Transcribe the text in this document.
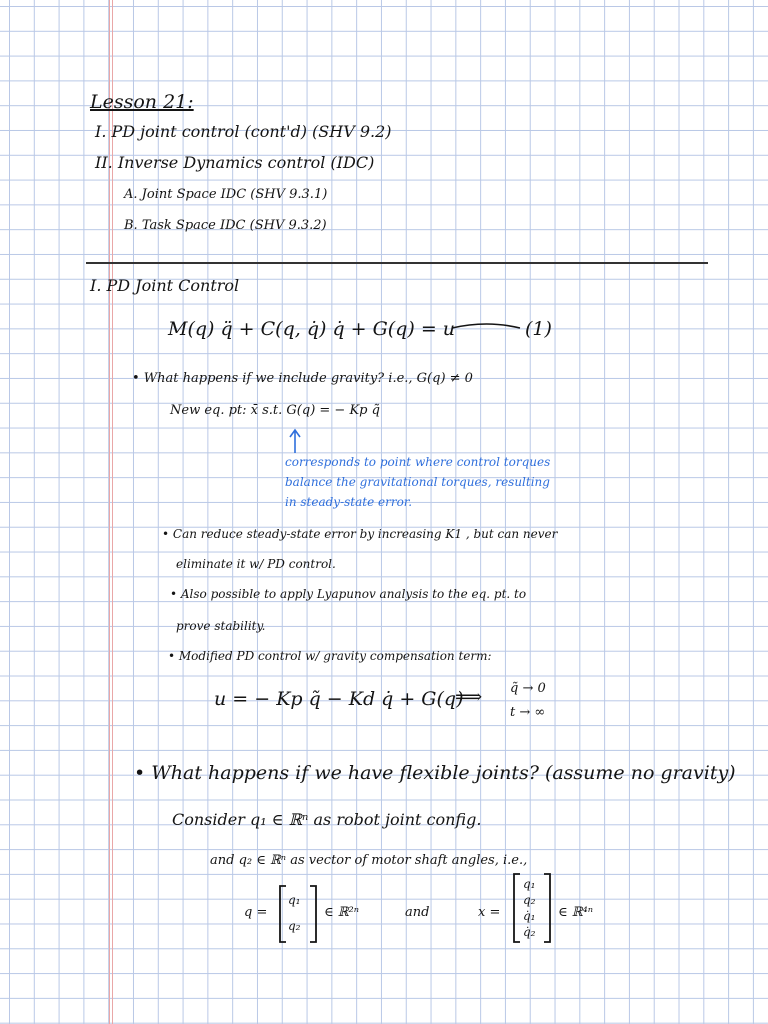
Lesson 21:
I. PD joint control (cont'd) (SHV 9.2)
II. Inverse Dynamics control (IDC)
A. Joint Space IDC (SHV 9.3.1)
B. Task Space IDC (SHV 9.3.2)
I. PD Joint Control
M(q) q̈ + C(q, q̇) q̇ + G(q) = u	(1)
• What happens if we include gravity? i.e., G(q) ≠ 0
New eq. pt: x̄ s.t. G(q) = − Kp q̃
corresponds to point where control torques
balance the gravitational torques, resulting
in steady-state error.
• Can reduce steady-state error by increasing K1 , but can never
eliminate it w/ PD control.
• Also possible to apply Lyapunov analysis to the eq. pt. to
prove stability.
• Modified PD control w/ gravity compensation term:
u = − Kp q̃ − Kd q̇ + G(q)
⟹ q̃ → 0
t → ∞
• What happens if we have flexible joints? (assume no gravity)
Consider q₁ ∈ ℝⁿ as robot joint config.
and q₂ ∈ ℝⁿ as vector of motor shaft angles, i.e.,
q =
q₁
q₂
∈ ℝ²ⁿ	and	x =
q₁
q₂
q̇₁
q̇₂
∈ ℝ⁴ⁿ
